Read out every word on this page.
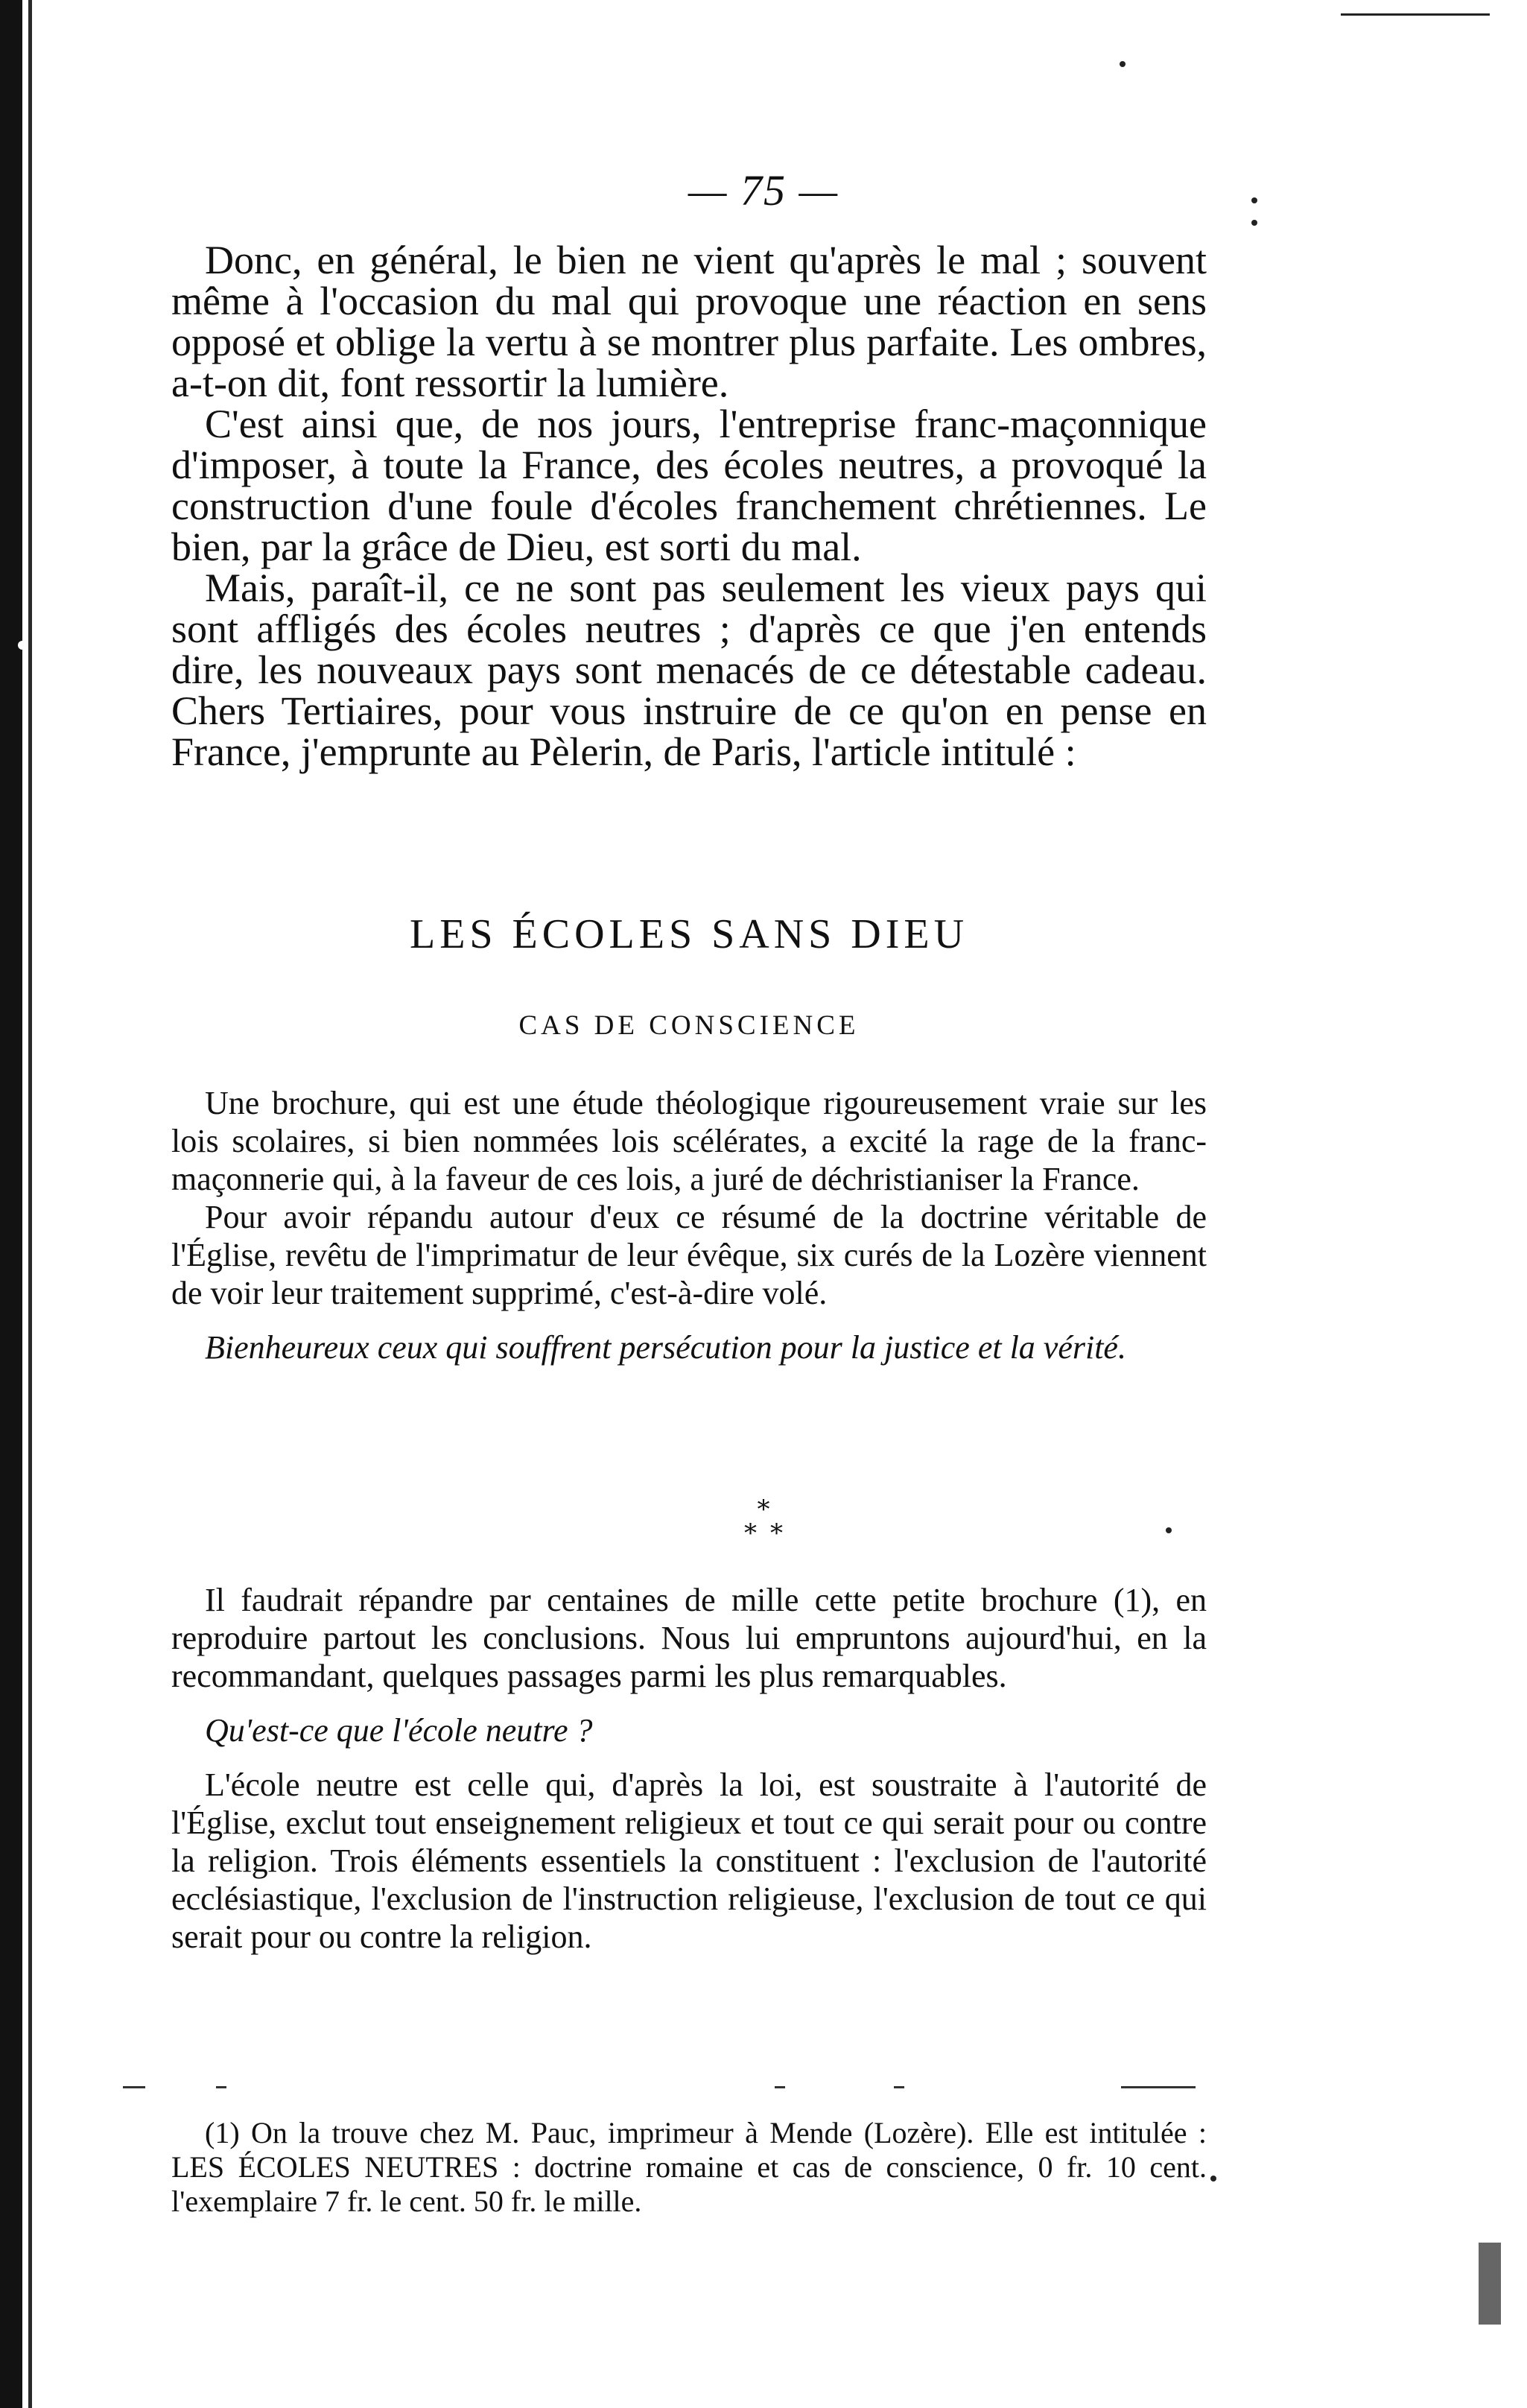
— 75 —

Donc, en général, le bien ne vient qu'après le mal ; souvent même à l'occasion du mal qui provoque une réaction en sens opposé et oblige la vertu à se montrer plus parfaite. Les ombres, a-t-on dit, font ressortir la lumière.

C'est ainsi que, de nos jours, l'entreprise franc-maçonnique d'imposer, à toute la France, des écoles neutres, a provoqué la construction d'une foule d'écoles franchement chrétiennes. Le bien, par la grâce de Dieu, est sorti du mal.

Mais, paraît-il, ce ne sont pas seulement les vieux pays qui sont affligés des écoles neutres ; d'après ce que j'en entends dire, les nouveaux pays sont menacés de ce détestable cadeau. Chers Tertiaires, pour vous instruire de ce qu'on en pense en France, j'emprunte au Pèlerin, de Paris, l'article intitulé :

LES ÉCOLES SANS DIEU
CAS DE CONSCIENCE

Une brochure, qui est une étude théologique rigoureusement vraie sur les lois scolaires, si bien nommées lois scélérates, a excité la rage de la franc-maçonnerie qui, à la faveur de ces lois, a juré de déchristianiser la France.

Pour avoir répandu autour d'eux ce résumé de la doctrine véritable de l'Église, revêtu de l'imprimatur de leur évêque, six curés de la Lozère viennent de voir leur traitement supprimé, c'est-à-dire volé.

Bienheureux ceux qui souffrent persécution pour la justice et la vérité.

*
**

Il faudrait répandre par centaines de mille cette petite brochure (1), en reproduire partout les conclusions. Nous lui empruntons aujourd'hui, en la recommandant, quelques passages parmi les plus remarquables.

Qu'est-ce que l'école neutre ?

L'école neutre est celle qui, d'après la loi, est soustraite à l'autorité de l'Église, exclut tout enseignement religieux et tout ce qui serait pour ou contre la religion. Trois éléments essentiels la constituent : l'exclusion de l'autorité ecclésiastique, l'exclusion de l'instruction religieuse, l'exclusion de tout ce qui serait pour ou contre la religion.

(1) On la trouve chez M. Pauc, imprimeur à Mende (Lozère). Elle est intitulée : LES ÉCOLES NEUTRES : doctrine romaine et cas de conscience, 0 fr. 10 cent. l'exemplaire 7 fr. le cent. 50 fr. le mille.
